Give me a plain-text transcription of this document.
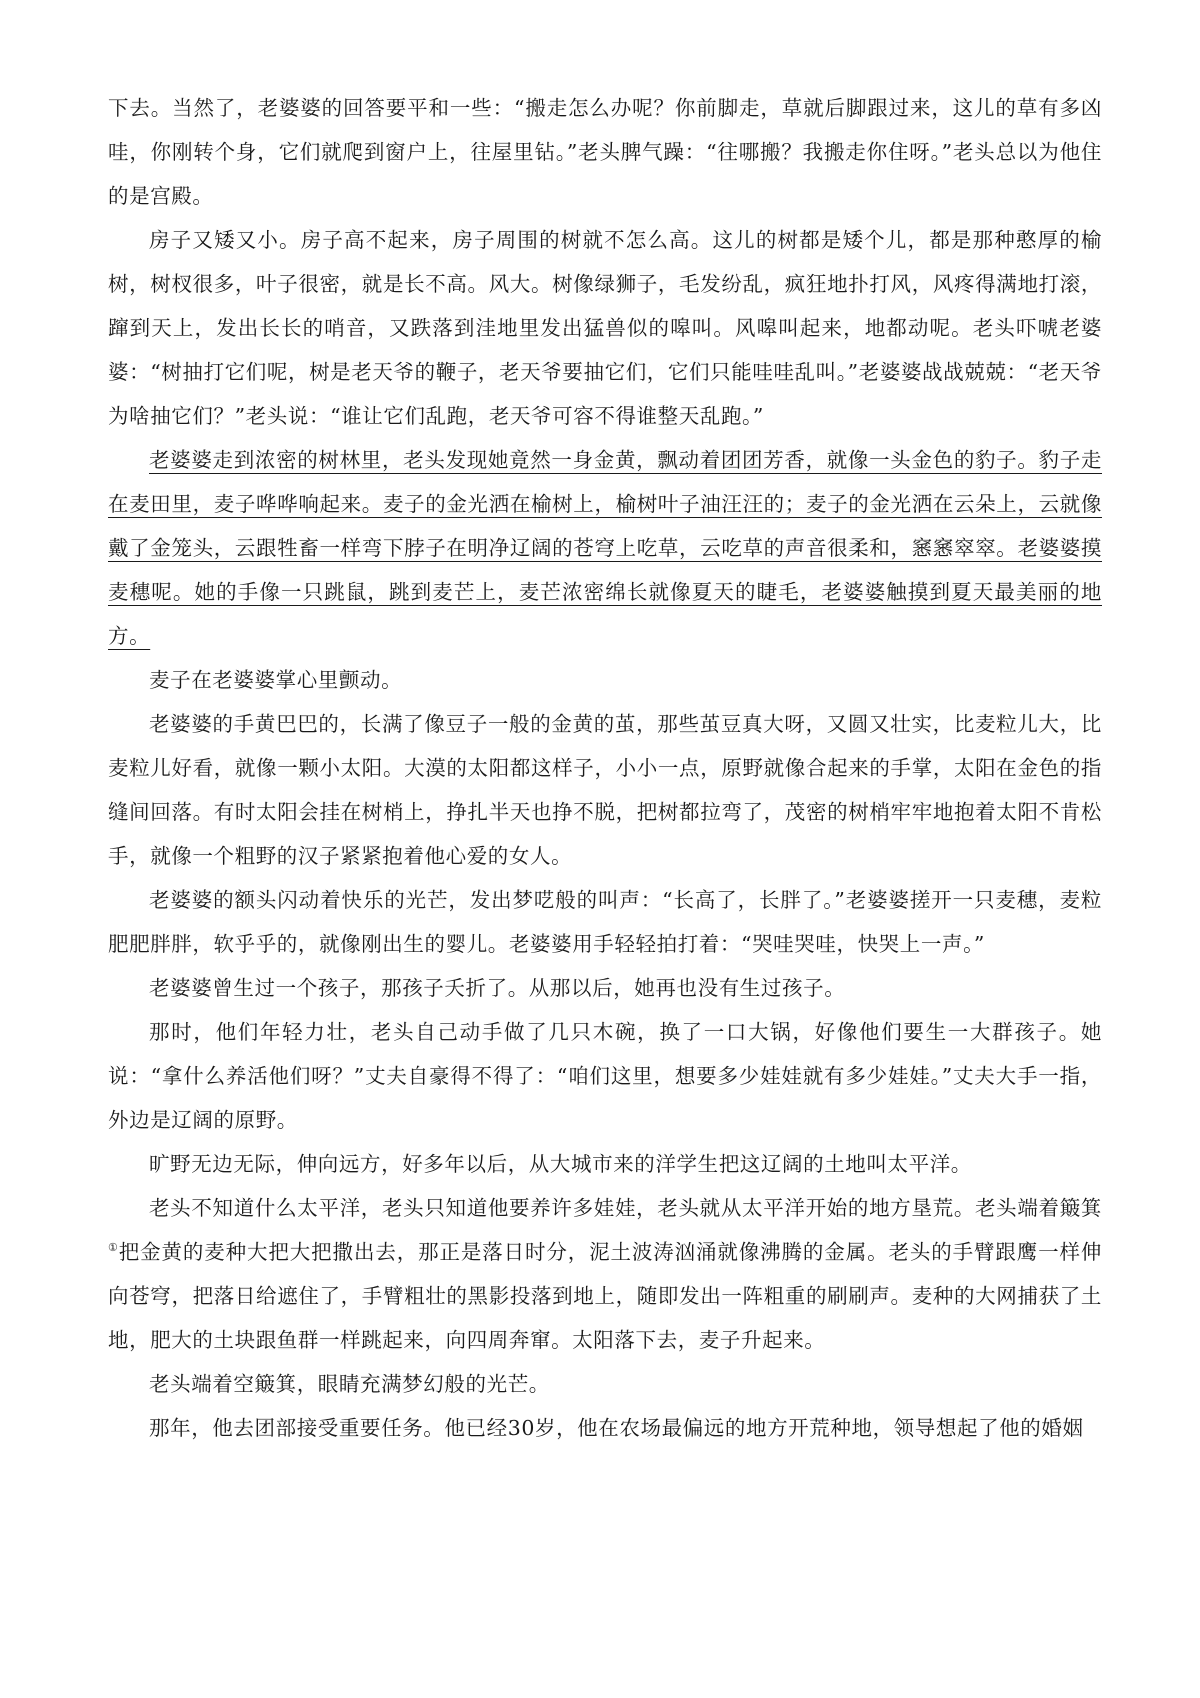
下去。当然了，老婆婆的回答要平和一些：“搬走怎么办呢？你前脚走，草就后脚跟过来，这儿的草有多凶哇，你刚转个身，它们就爬到窗户上，往屋里钻。”老头脾气躁：“往哪搬？我搬走你住呀。”老头总以为他住的是宫殿。

房子又矮又小。房子高不起来，房子周围的树就不怎么高。这儿的树都是矮个儿，都是那种憨厚的榆树，树杈很多，叶子很密，就是长不高。风大。树像绿狮子，毛发纷乱，疯狂地扑打风，风疼得满地打滚，蹿到天上，发出长长的哨音，又跌落到洼地里发出猛兽似的嗥叫。风嗥叫起来，地都动呢。老头吓唬老婆婆：“树抽打它们呢，树是老天爷的鞭子，老天爷要抽它们，它们只能哇哇乱叫。”老婆婆战战兢兢：“老天爷为啥抽它们？”老头说：“谁让它们乱跑，老天爷可容不得谁整天乱跑。”

老婆婆走到浓密的树林里，老头发现她竟然一身金黄，飘动着团团芳香，就像一头金色的豹子。豹子走在麦田里，麦子哗哗响起来。麦子的金光洒在榆树上，榆树叶子油汪汪的；麦子的金光洒在云朵上，云就像戴了金笼头，云跟牲畜一样弯下脖子在明净辽阔的苍穹上吃草，云吃草的声音很柔和，窸窸窣窣。老婆婆摸麦穗呢。她的手像一只跳鼠，跳到麦芒上，麦芒浓密绵长就像夏天的睫毛，老婆婆触摸到夏天最美丽的地方。

麦子在老婆婆掌心里颤动。

老婆婆的手黄巴巴的，长满了像豆子一般的金黄的茧，那些茧豆真大呀，又圆又壮实，比麦粒儿大，比麦粒儿好看，就像一颗小太阳。大漠的太阳都这样子，小小一点，原野就像合起来的手掌，太阳在金色的指缝间回落。有时太阳会挂在树梢上，挣扎半天也挣不脱，把树都拉弯了，茂密的树梢牢牢地抱着太阳不肯松手，就像一个粗野的汉子紧紧抱着他心爱的女人。

老婆婆的额头闪动着快乐的光芒，发出梦呓般的叫声：“长高了，长胖了。”老婆婆搓开一只麦穗，麦粒肥肥胖胖，软乎乎的，就像刚出生的婴儿。老婆婆用手轻轻拍打着：“哭哇哭哇，快哭上一声。”

老婆婆曾生过一个孩子，那孩子夭折了。从那以后，她再也没有生过孩子。

那时，他们年轻力壮，老头自己动手做了几只木碗，换了一口大锅，好像他们要生一大群孩子。她说：“拿什么养活他们呀？”丈夫自豪得不得了：“咱们这里，想要多少娃娃就有多少娃娃。”丈夫大手一指，外边是辽阔的原野。

旷野无边无际，伸向远方，好多年以后，从大城市来的洋学生把这辽阔的土地叫太平洋。

老头不知道什么太平洋，老头只知道他要养许多娃娃，老头就从太平洋开始的地方垦荒。老头端着簸箕①把金黄的麦种大把大把撒出去，那正是落日时分，泥土波涛汹涌就像沸腾的金属。老头的手臂跟鹰一样伸向苍穹，把落日给遮住了，手臂粗壮的黑影投落到地上，随即发出一阵粗重的刷刷声。麦种的大网捕获了土地，肥大的土块跟鱼群一样跳起来，向四周奔窜。太阳落下去，麦子升起来。

老头端着空簸箕，眼睛充满梦幻般的光芒。

那年，他去团部接受重要任务。他已经30岁，他在农场最偏远的地方开荒种地，领导想起了他的婚姻
